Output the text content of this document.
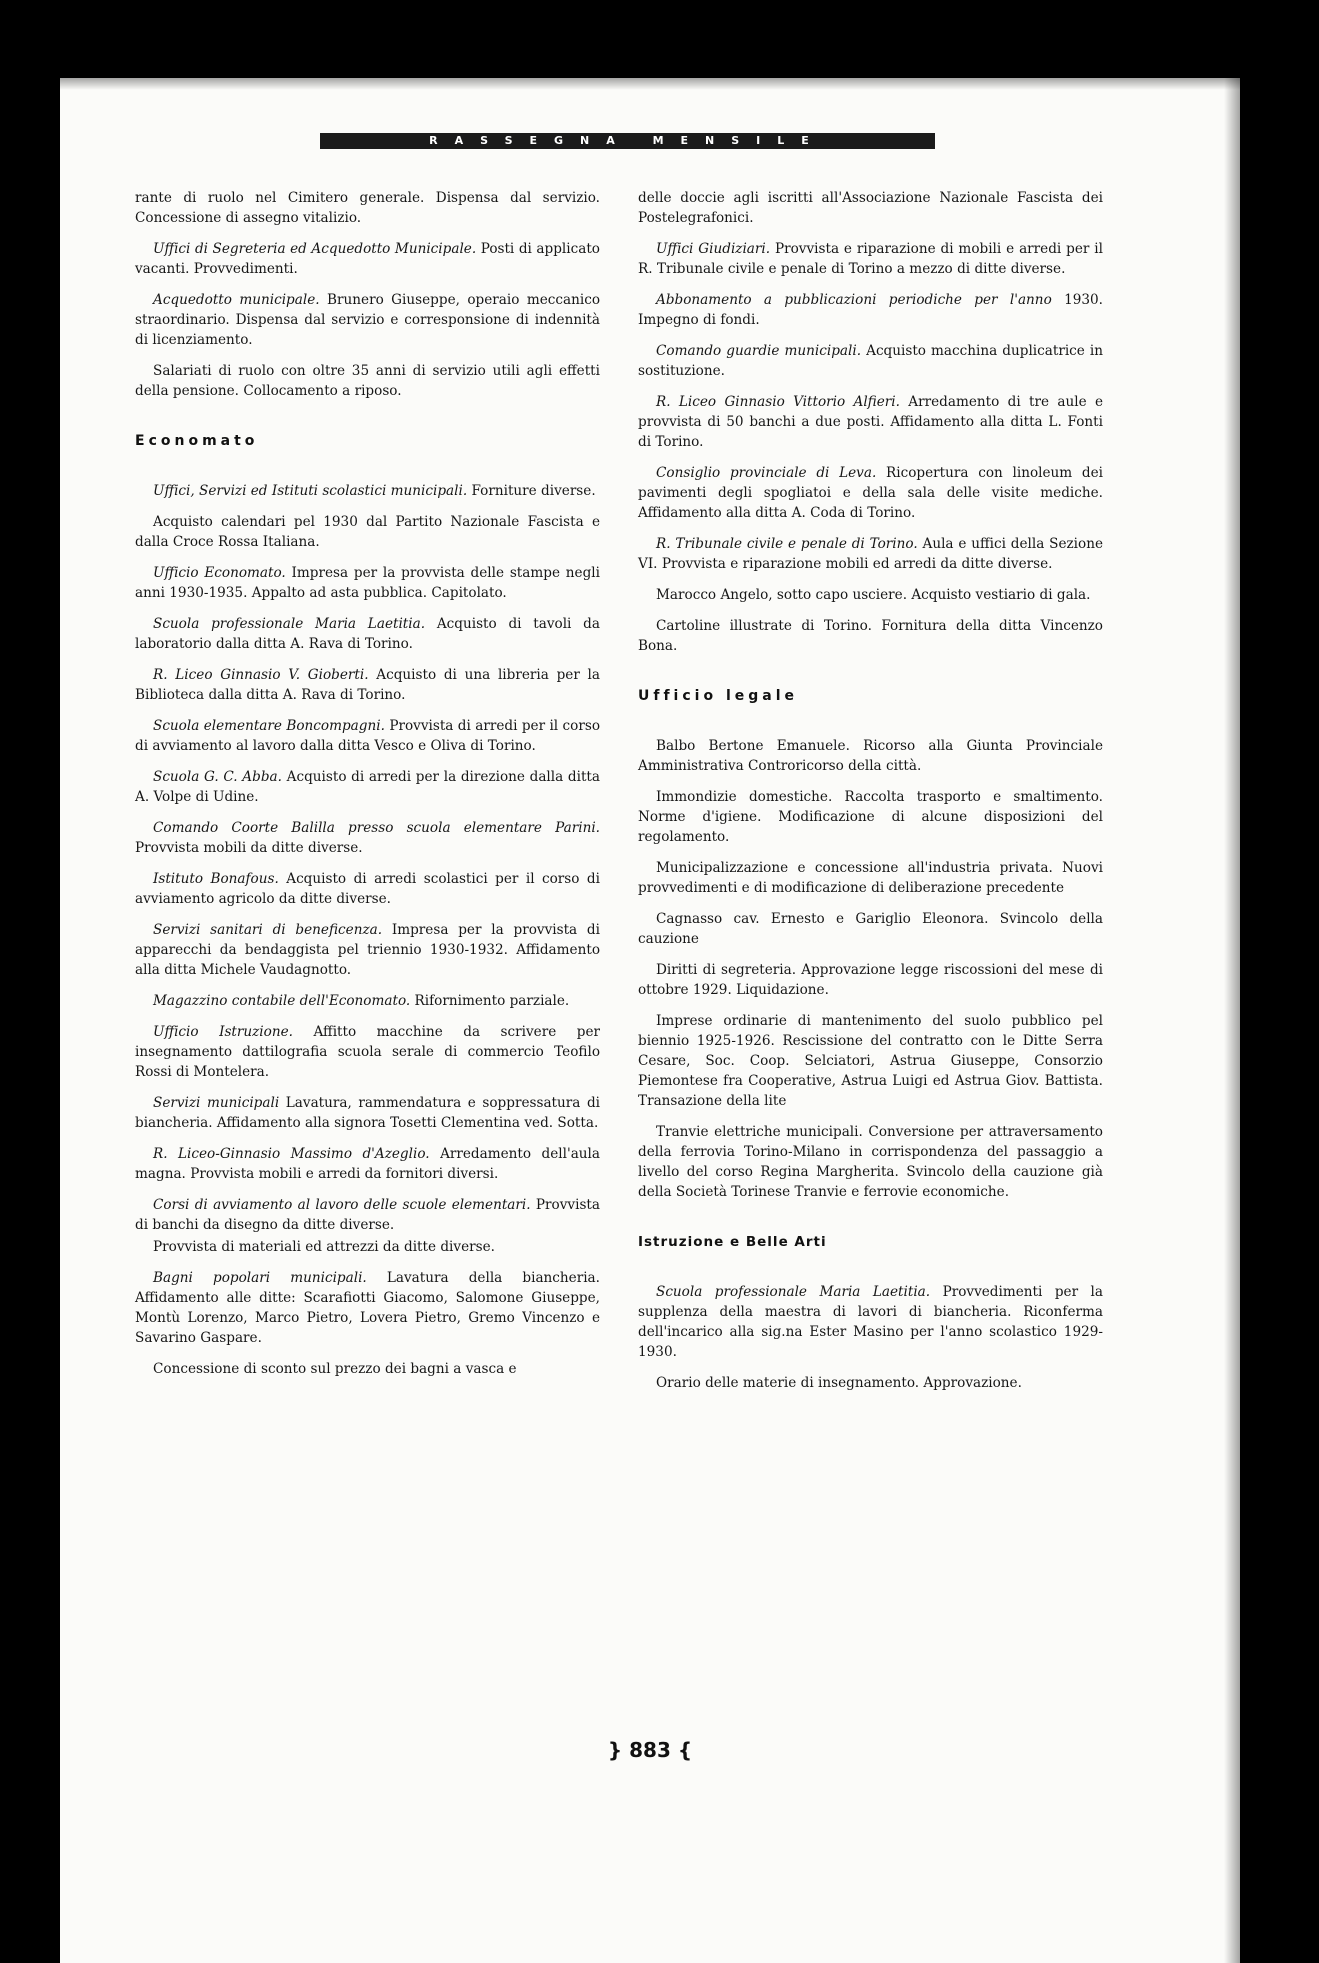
RASSEGNA MENSILE

rante di ruolo nel Cimitero generale. Dispensa dal servizio. Concessione di assegno vitalizio.

Uffici di Segreteria ed Acquedotto Municipale. Posti di applicato vacanti. Provvedimenti.

Acquedotto municipale. Brunero Giuseppe, operaio meccanico straordinario. Dispensa dal servizio e corresponsione di indennità di licenziamento.

Salariati di ruolo con oltre 35 anni di servizio utili agli effetti della pensione. Collocamento a riposo.

Economato

Uffici, Servizi ed Istituti scolastici municipali. Forniture diverse.

Acquisto calendari pel 1930 dal Partito Nazionale Fascista e dalla Croce Rossa Italiana.

Ufficio Economato. Impresa per la provvista delle stampe negli anni 1930-1935. Appalto ad asta pubblica. Capitolato.

Scuola professionale Maria Laetitia. Acquisto di tavoli da laboratorio dalla ditta A. Rava di Torino.

R. Liceo Ginnasio V. Gioberti. Acquisto di una libreria per la Biblioteca dalla ditta A. Rava di Torino.

Scuola elementare Boncompagni. Provvista di arredi per il corso di avviamento al lavoro dalla ditta Vesco e Oliva di Torino.

Scuola G. C. Abba. Acquisto di arredi per la direzione dalla ditta A. Volpe di Udine.

Comando Coorte Balilla presso scuola elementare Parini. Provvista mobili da ditte diverse.

Istituto Bonafous. Acquisto di arredi scolastici per il corso di avviamento agricolo da ditte diverse.

Servizi sanitari di beneficenza. Impresa per la provvista di apparecchi da bendaggista pel triennio 1930-1932. Affidamento alla ditta Michele Vaudagnotto.

Magazzino contabile dell'Economato. Rifornimento parziale.

Ufficio Istruzione. Affitto macchine da scrivere per insegnamento dattilografia scuola serale di commercio Teofilo Rossi di Montelera.

Servizi municipali Lavatura, rammendatura e soppressatura di biancheria. Affidamento alla signora Tosetti Clementina ved. Sotta.

R. Liceo-Ginnasio Massimo d'Azeglio. Arredamento dell'aula magna. Provvista mobili e arredi da fornitori diversi.

Corsi di avviamento al lavoro delle scuole elementari. Provvista di banchi da disegno da ditte diverse.

Provvista di materiali ed attrezzi da ditte diverse.

Bagni popolari municipali. Lavatura della biancheria. Affidamento alle ditte: Scarafiotti Giacomo, Salomone Giuseppe, Montù Lorenzo, Marco Pietro, Lovera Pietro, Gremo Vincenzo e Savarino Gaspare.

Concessione di sconto sul prezzo dei bagni a vasca e

delle doccie agli iscritti all'Associazione Nazionale Fascista dei Postelegrafonici.

Uffici Giudiziari. Provvista e riparazione di mobili e arredi per il R. Tribunale civile e penale di Torino a mezzo di ditte diverse.

Abbonamento a pubblicazioni periodiche per l'anno 1930. Impegno di fondi.

Comando guardie municipali. Acquisto macchina duplicatrice in sostituzione.

R. Liceo Ginnasio Vittorio Alfieri. Arredamento di tre aule e provvista di 50 banchi a due posti. Affidamento alla ditta L. Fonti di Torino.

Consiglio provinciale di Leva. Ricopertura con linoleum dei pavimenti degli spogliatoi e della sala delle visite mediche. Affidamento alla ditta A. Coda di Torino.

R. Tribunale civile e penale di Torino. Aula e uffici della Sezione VI. Provvista e riparazione mobili ed arredi da ditte diverse.

Marocco Angelo, sotto capo usciere. Acquisto vestiario di gala.

Cartoline illustrate di Torino. Fornitura della ditta Vincenzo Bona.

Ufficio legale

Balbo Bertone Emanuele. Ricorso alla Giunta Provinciale Amministrativa Controricorso della città.

Immondizie domestiche. Raccolta trasporto e smaltimento. Norme d'igiene. Modificazione di alcune disposizioni del regolamento.

Municipalizzazione e concessione all'industria privata. Nuovi provvedimenti e di modificazione di deliberazione precedente

Cagnasso cav. Ernesto e Gariglio Eleonora. Svincolo della cauzione

Diritti di segreteria. Approvazione legge riscossioni del mese di ottobre 1929. Liquidazione.

Imprese ordinarie di mantenimento del suolo pubblico pel biennio 1925-1926. Rescissione del contratto con le Ditte Serra Cesare, Soc. Coop. Selciatori, Astrua Giuseppe, Consorzio Piemontese fra Cooperative, Astrua Luigi ed Astrua Giov. Battista. Transazione della lite

Tranvie elettriche municipali. Conversione per attraversamento della ferrovia Torino-Milano in corrispondenza del passaggio a livello del corso Regina Margherita. Svincolo della cauzione già della Società Torinese Tranvie e ferrovie economiche.

Istruzione e Belle Arti

Scuola professionale Maria Laetitia. Provvedimenti per la supplenza della maestra di lavori di biancheria. Riconferma dell'incarico alla sig.na Ester Masino per l'anno scolastico 1929-1930.

Orario delle materie di insegnamento. Approvazione.

} 883 {
